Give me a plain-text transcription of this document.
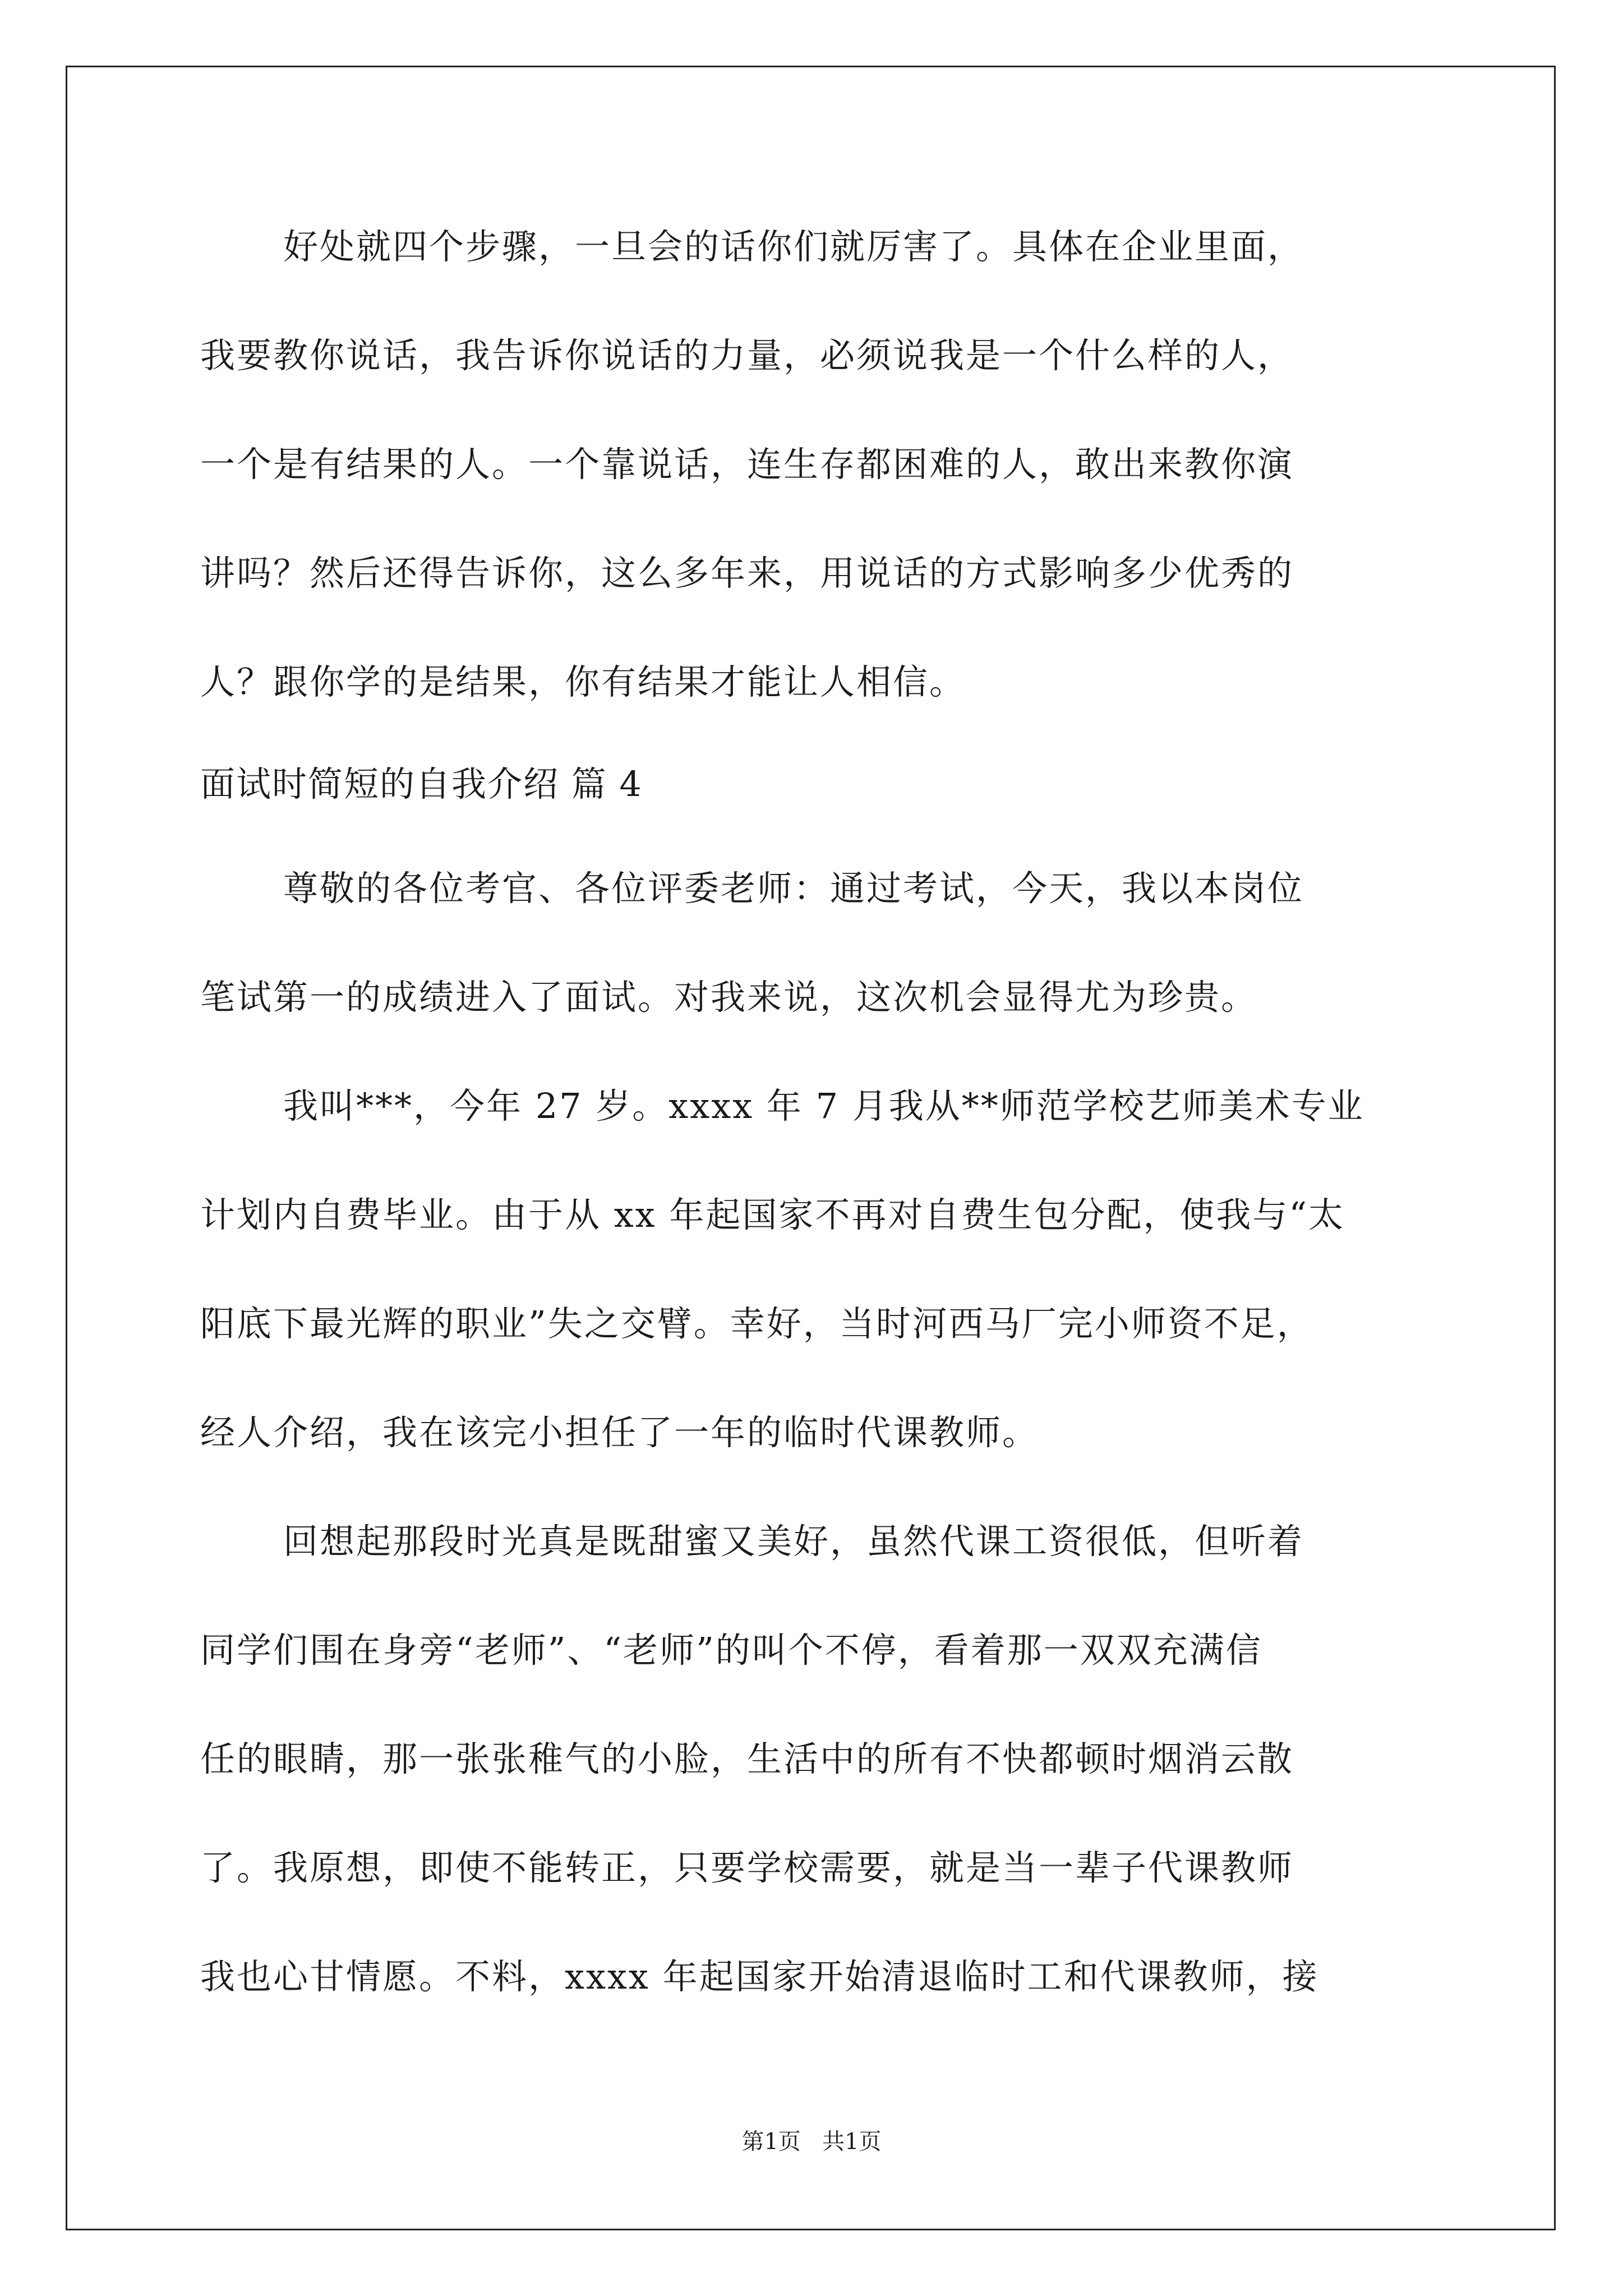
好处就四个步骤，一旦会的话你们就厉害了。具体在企业里面，
我要教你说话，我告诉你说话的力量，必须说我是一个什么样的人，
一个是有结果的人。一个靠说话，连生存都困难的人，敢出来教你演
讲吗？然后还得告诉你，这么多年来，用说话的方式影响多少优秀的
人？跟你学的是结果，你有结果才能让人相信。
面试时简短的自我介绍 篇 4
尊敬的各位考官、各位评委老师：通过考试，今天，我以本岗位
笔试第一的成绩进入了面试。对我来说，这次机会显得尤为珍贵。
我叫***，今年 27 岁。xxxx 年 7 月我从**师范学校艺师美术专业
计划内自费毕业。由于从 xx 年起国家不再对自费生包分配，使我与“太
阳底下最光辉的职业”失之交臂。幸好，当时河西马厂完小师资不足，
经人介绍，我在该完小担任了一年的临时代课教师。
回想起那段时光真是既甜蜜又美好，虽然代课工资很低，但听着
同学们围在身旁“老师”、“老师”的叫个不停，看着那一双双充满信
任的眼睛，那一张张稚气的小脸，生活中的所有不快都顿时烟消云散
了。我原想，即使不能转正，只要学校需要，就是当一辈子代课教师
我也心甘情愿。不料，xxxx 年起国家开始清退临时工和代课教师，接
第1页   共1页
